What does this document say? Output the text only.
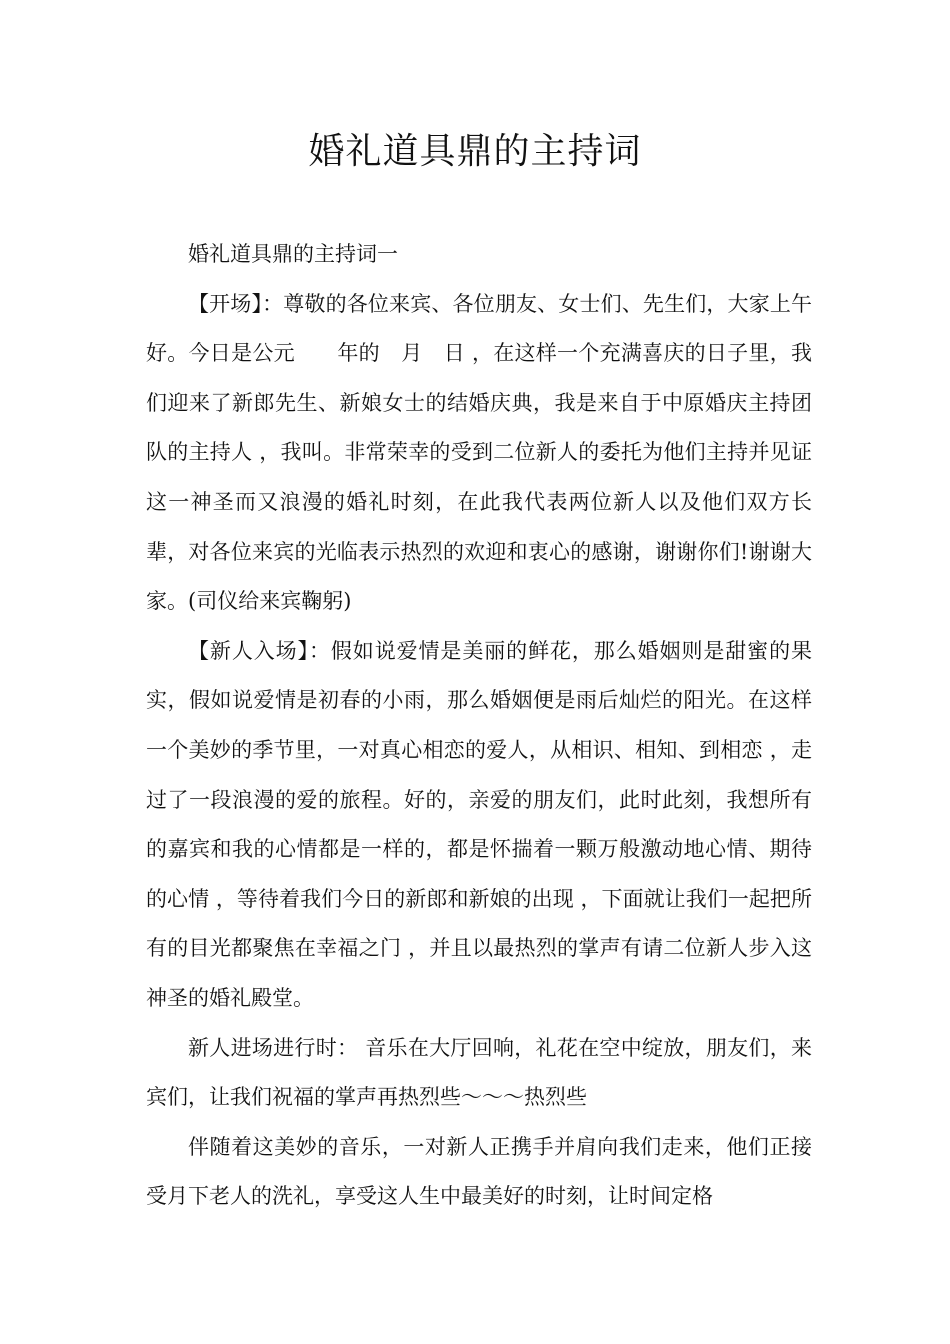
婚礼道具鼎的主持词

婚礼道具鼎的主持词一

【开场】：尊敬的各位来宾、各位朋友、女士们、先生们，大家上午好。今日是公元　　年的　月　日 ，在这样一个充满喜庆的日子里，我们迎来了新郎先生、新娘女士的结婚庆典，我是来自于中原婚庆主持团队的主持人 ，我叫。非常荣幸的受到二位新人的委托为他们主持并见证这一神圣而又浪漫的婚礼时刻，在此我代表两位新人以及他们双方长辈，对各位来宾的光临表示热烈的欢迎和衷心的感谢，谢谢你们!谢谢大家。(司仪给来宾鞠躬)

【新人入场】：假如说爱情是美丽的鲜花，那么婚姻则是甜蜜的果实，假如说爱情是初春的小雨，那么婚姻便是雨后灿烂的阳光。在这样一个美妙的季节里，一对真心相恋的爱人，从相识、相知、到相恋 ，走过了一段浪漫的爱的旅程。好的，亲爱的朋友们，此时此刻，我想所有的嘉宾和我的心情都是一样的，都是怀揣着一颗万般激动地心情、期待的心情 ，等待着我们今日的新郎和新娘的出现 ，下面就让我们一起把所有的目光都聚焦在幸福之门 ，并且以最热烈的掌声有请二位新人步入这神圣的婚礼殿堂。

新人进场进行时： 音乐在大厅回响，礼花在空中绽放，朋友们，来宾们，让我们祝福的掌声再热烈些～～～热烈些

伴随着这美妙的音乐，一对新人正携手并肩向我们走来，他们正接受月下老人的洗礼，享受这人生中最美好的时刻，让时间定格
